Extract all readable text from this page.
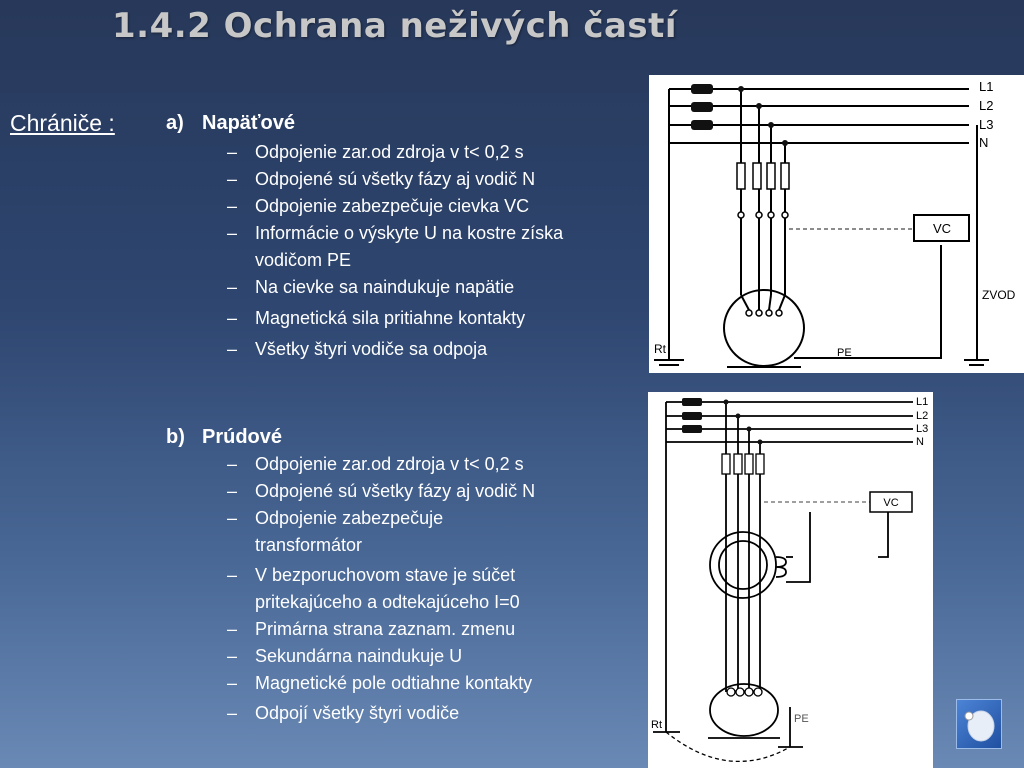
1.4.2 Ochrana neživých častí
Chrániče :	a) Napäťové
– Odpojenie zar.od zdroja v t< 0,2 s
– Odpojené sú všetky fázy aj vodič N
– Odpojenie zabezpečuje cievka VC
– Informácie o výskyte U na kostre získa
vodičom PE
– Na cievke sa naindukuje napätie
– Magnetická sila pritiahne kontakty
– Všetky štyri vodiče sa odpoja
b) Prúdové
– Odpojenie zar.od zdroja v t< 0,2 s
– Odpojené sú všetky fázy aj vodič N
– Odpojenie zabezpečuje
transformátor
– V bezporuchovom stave je súčet
pritekajúceho a odtekajúceho I=0
– Primárna strana zaznam. zmenu
– Sekundárna naindukuje U
– Magnetické pole odtiahne kontakty
– Odpojí všetky štyri vodiče
VC
L1
L2
L3
N
ZVOD
Rt	PE
VC
L1
L2
L3
N
Rt	PE
